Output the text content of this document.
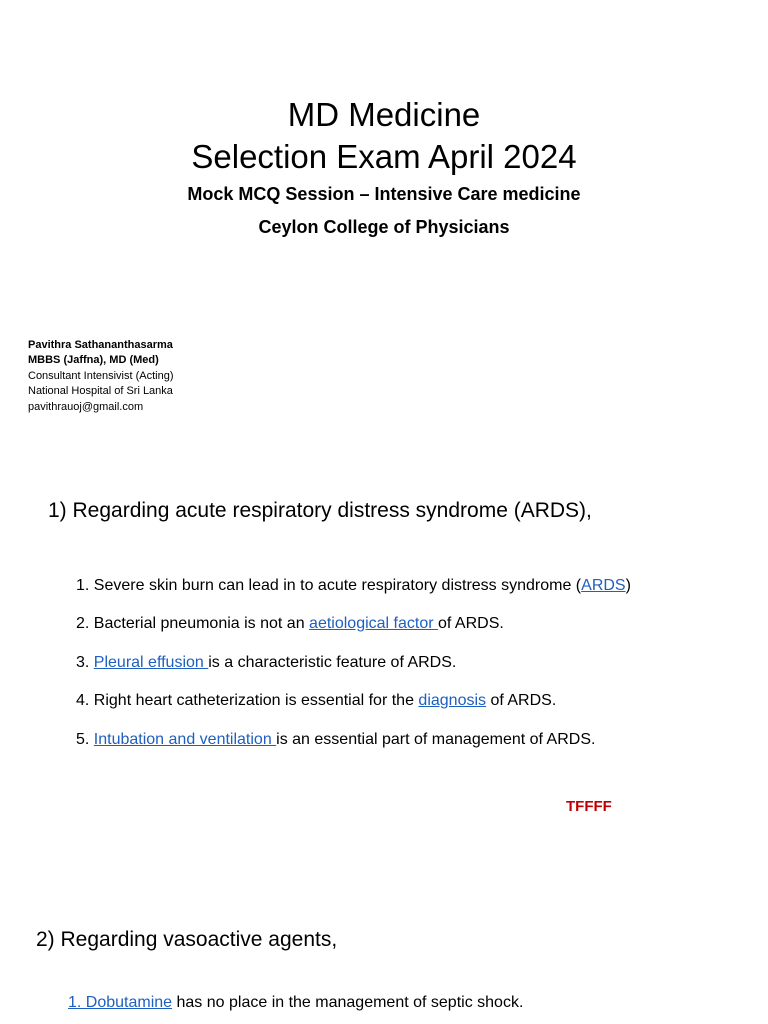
MD Medicine
Selection Exam April 2024
Mock MCQ Session – Intensive Care medicine
Ceylon College of Physicians
Pavithra Sathananthasarma
MBBS (Jaffna), MD (Med)
Consultant Intensivist (Acting)
National Hospital of Sri Lanka
pavithrauoj@gmail.com
1) Regarding acute respiratory distress syndrome (ARDS),
1. Severe skin burn can lead in to acute respiratory distress syndrome (ARDS)
2. Bacterial pneumonia is not an aetiological factor of ARDS.
3. Pleural effusion is a characteristic feature of ARDS.
4. Right heart catheterization is essential for the diagnosis of ARDS.
5. Intubation and ventilation is an essential part of management of ARDS.
TFFFF
2) Regarding vasoactive agents,
1. Dobutamine has no place in the management of septic shock.
